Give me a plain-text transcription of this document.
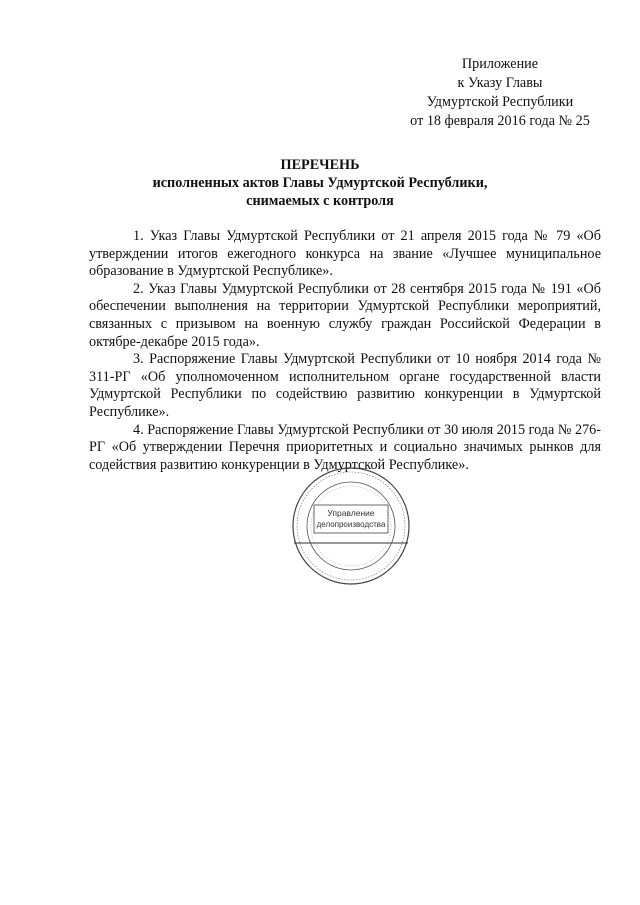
Приложение
к Указу Главы
Удмуртской Республики
от 18 февраля 2016 года № 25
ПЕРЕЧЕНЬ
исполненных актов Главы Удмуртской Республики,
снимаемых с контроля

1. Указ Главы Удмуртской Республики от 21 апреля 2015 года № 79 «Об утверждении итогов ежегодного конкурса на звание «Лучшее муниципальное образование в Удмуртской Республике».

2. Указ Главы Удмуртской Республики от 28 сентября 2015 года № 191 «Об обеспечении выполнения на территории Удмуртской Республики мероприятий, связанных с призывом на военную службу граждан Российской Федерации в октябре-декабре 2015 года».

3. Распоряжение Главы Удмуртской Республики от 10 ноября 2014 года № 311-РГ «Об уполномоченном исполнительном органе государственной власти Удмуртской Республики по содействию развитию конкуренции в Удмуртской Республике».

4. Распоряжение Главы Удмуртской Республики от 30 июля 2015 года № 276-РГ «Об утверждении Перечня приоритетных и социально значимых рынков для содействия развитию конкуренции в Удмуртской Республике».

Управление
делопроизводства
